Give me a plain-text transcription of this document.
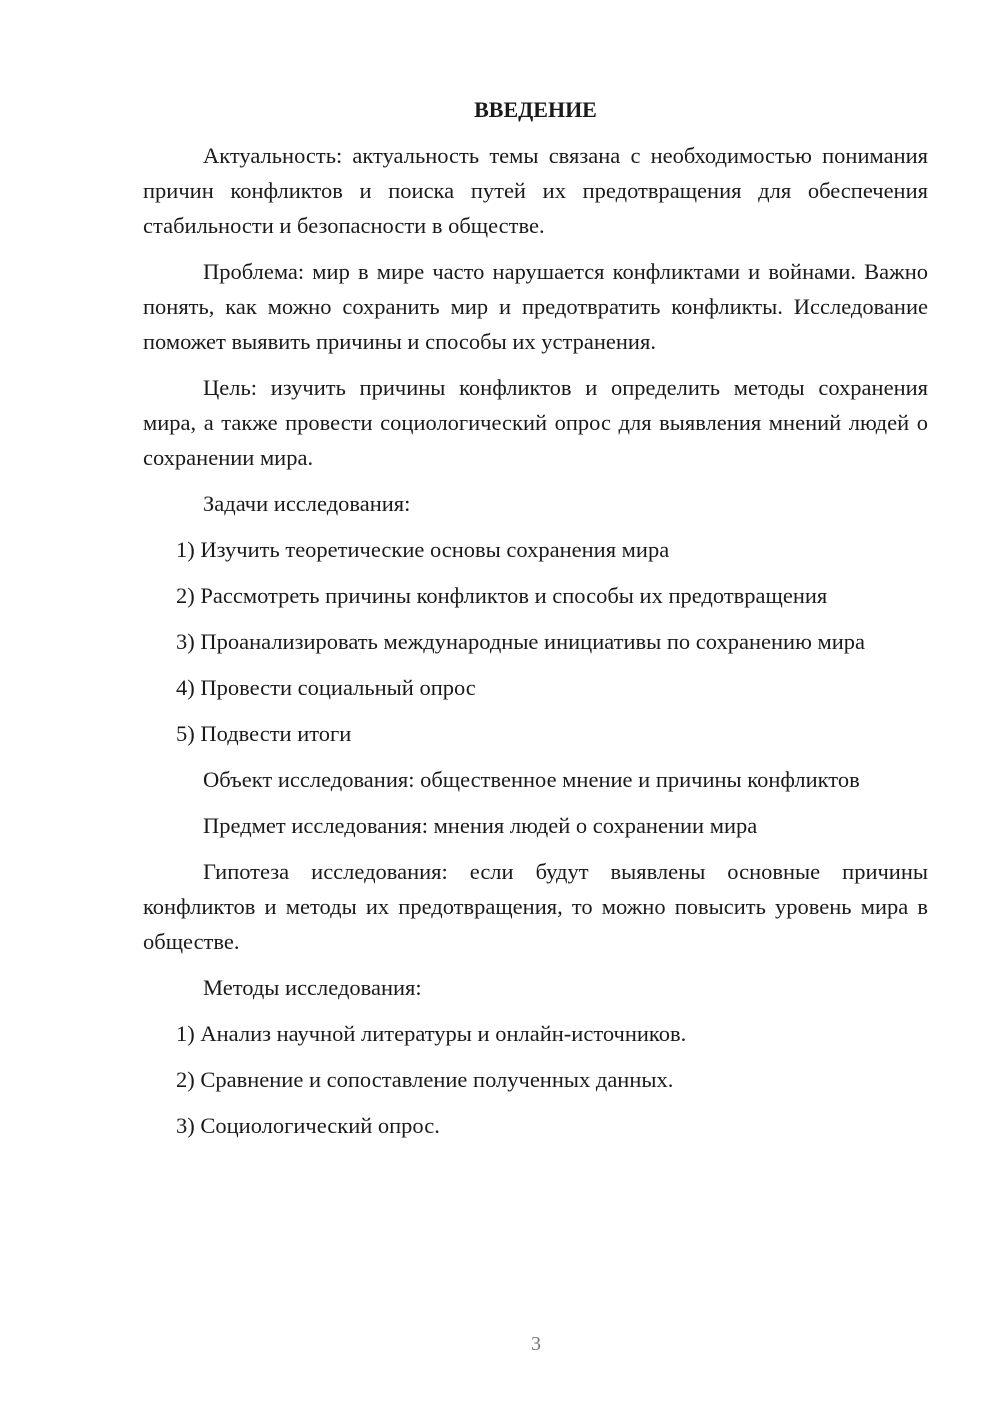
ВВЕДЕНИЕ
Актуальность: актуальность темы связана с необходимостью понимания причин конфликтов и поиска путей их предотвращения для обеспечения стабильности и безопасности в обществе.
Проблема: мир в мире часто нарушается конфликтами и войнами. Важно понять, как можно сохранить мир и предотвратить конфликты. Исследование поможет выявить причины и способы их устранения.
Цель: изучить причины конфликтов и определить методы сохранения мира, а также провести социологический опрос для выявления мнений людей о сохранении мира.
Задачи исследования:
1) Изучить теоретические основы сохранения мира
2) Рассмотреть причины конфликтов и способы их предотвращения
3) Проанализировать международные инициативы по сохранению мира
4) Провести социальный опрос
5) Подвести итоги
Объект исследования: общественное мнение и причины конфликтов
Предмет исследования: мнения людей о сохранении мира
Гипотеза исследования: если будут выявлены основные причины конфликтов и методы их предотвращения, то можно повысить уровень мира в обществе.
Методы исследования:
1) Анализ научной литературы и онлайн-источников.
2) Сравнение и сопоставление полученных данных.
3) Социологический опрос.
3
